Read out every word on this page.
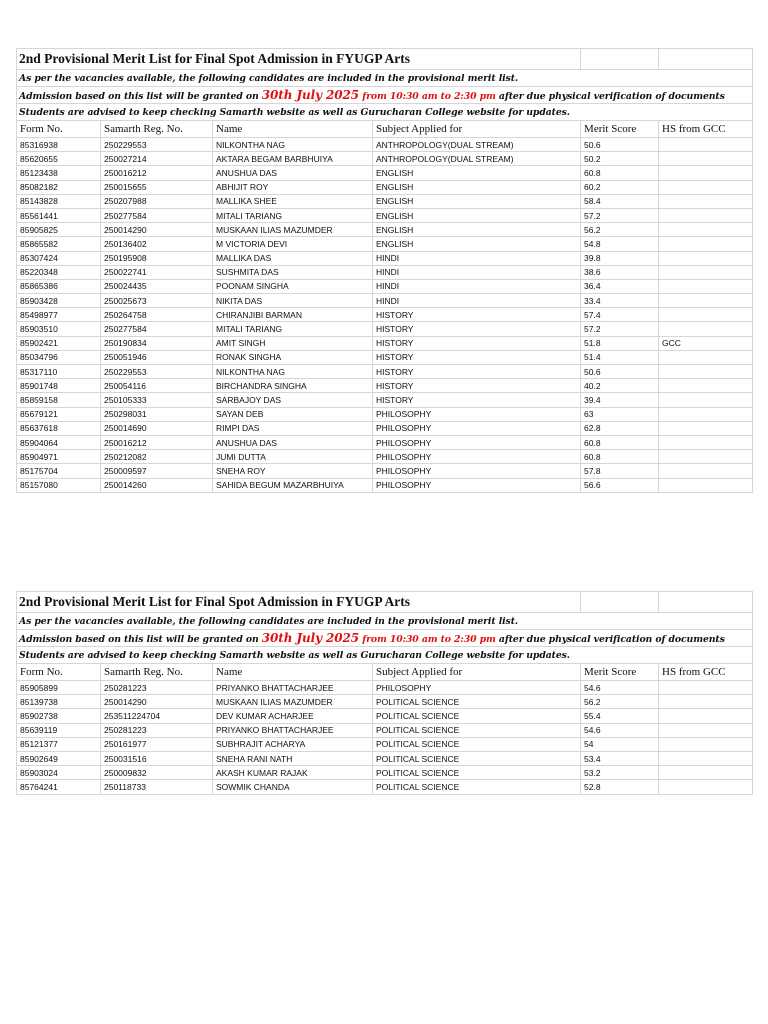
2nd Provisional Merit List for Final Spot Admission in FYUGP Arts					
As per the vacancies available, the following candidates are included in the provisional merit list.					
Admission based on this list will be granted on 30th July 2025 from 10:30 am to 2:30 pm after due physical verification of documents					
Students are advised to keep checking Samarth website as well as Gurucharan College website for updates.					
Form No.	Samarth Reg. No.	Name	Subject Applied for	Merit Score	HS from GCC
85316938	250229553	NILKONTHA NAG	ANTHROPOLOGY(DUAL STREAM)	50.6	
85620655	250027214	AKTARA BEGAM BARBHUIYA	ANTHROPOLOGY(DUAL STREAM)	50.2	
85123438	250016212	ANUSHUA DAS	ENGLISH	60.8	
85082182	250015655	ABHIJIT ROY	ENGLISH	60.2	
85143828	250207988	MALLIKA SHEE	ENGLISH	58.4	
85561441	250277584	MITALI TARIANG	ENGLISH	57.2	
85905825	250014290	MUSKAAN ILIAS MAZUMDER	ENGLISH	56.2	
85865582	250136402	M VICTORIA DEVI	ENGLISH	54.8	
85307424	250195908	MALLIKA DAS	HINDI	39.8	
85220348	250022741	SUSHMITA DAS	HINDI	38.6	
85865386	250024435	POONAM SINGHA	HINDI	36.4	
85903428	250025673	NIKITA DAS	HINDI	33.4	
85498977	250264758	CHIRANJIBI BARMAN	HISTORY	57.4	
85903510	250277584	MITALI TARIANG	HISTORY	57.2	
85902421	250190834	AMIT SINGH	HISTORY	51.8	GCC
85034796	250051946	RONAK SINGHA	HISTORY	51.4	
85317110	250229553	NILKONTHA NAG	HISTORY	50.6	
85901748	250054116	BIRCHANDRA SINGHA	HISTORY	40.2	
85859158	250105333	SARBAJOY DAS	HISTORY	39.4	
85679121	250298031	SAYAN DEB	PHILOSOPHY	63	
85637618	250014690	RIMPI DAS	PHILOSOPHY	62.8	
85904064	250016212	ANUSHUA DAS	PHILOSOPHY	60.8	
85904971	250212082	JUMI DUTTA	PHILOSOPHY	60.8	
85175704	250009597	SNEHA ROY	PHILOSOPHY	57.8	
85157080	250014260	SAHIDA BEGUM MAZARBHUIYA	PHILOSOPHY	56.6	
2nd Provisional Merit List for Final Spot Admission in FYUGP Arts					
As per the vacancies available, the following candidates are included in the provisional merit list.					
Admission based on this list will be granted on 30th July 2025 from 10:30 am to 2:30 pm after due physical verification of documents					
Students are advised to keep checking Samarth website as well as Gurucharan College website for updates.					
Form No.	Samarth Reg. No.	Name	Subject Applied for	Merit Score	HS from GCC
85905899	250281223	PRIYANKO BHATTACHARJEE	PHILOSOPHY	54.6	
85139738	250014290	MUSKAAN ILIAS MAZUMDER	POLITICAL SCIENCE	56.2	
85902738	253511224704	DEV KUMAR ACHARJEE	POLITICAL SCIENCE	55.4	
85639119	250281223	PRIYANKO BHATTACHARJEE	POLITICAL SCIENCE	54.6	
85121377	250161977	SUBHRAJIT ACHARYA	POLITICAL SCIENCE	54	
85902649	250031516	SNEHA RANI NATH	POLITICAL SCIENCE	53.4	
85903024	250009832	AKASH KUMAR RAJAK	POLITICAL SCIENCE	53.2	
85764241	250118733	SOWMIK CHANDA	POLITICAL SCIENCE	52.8	
